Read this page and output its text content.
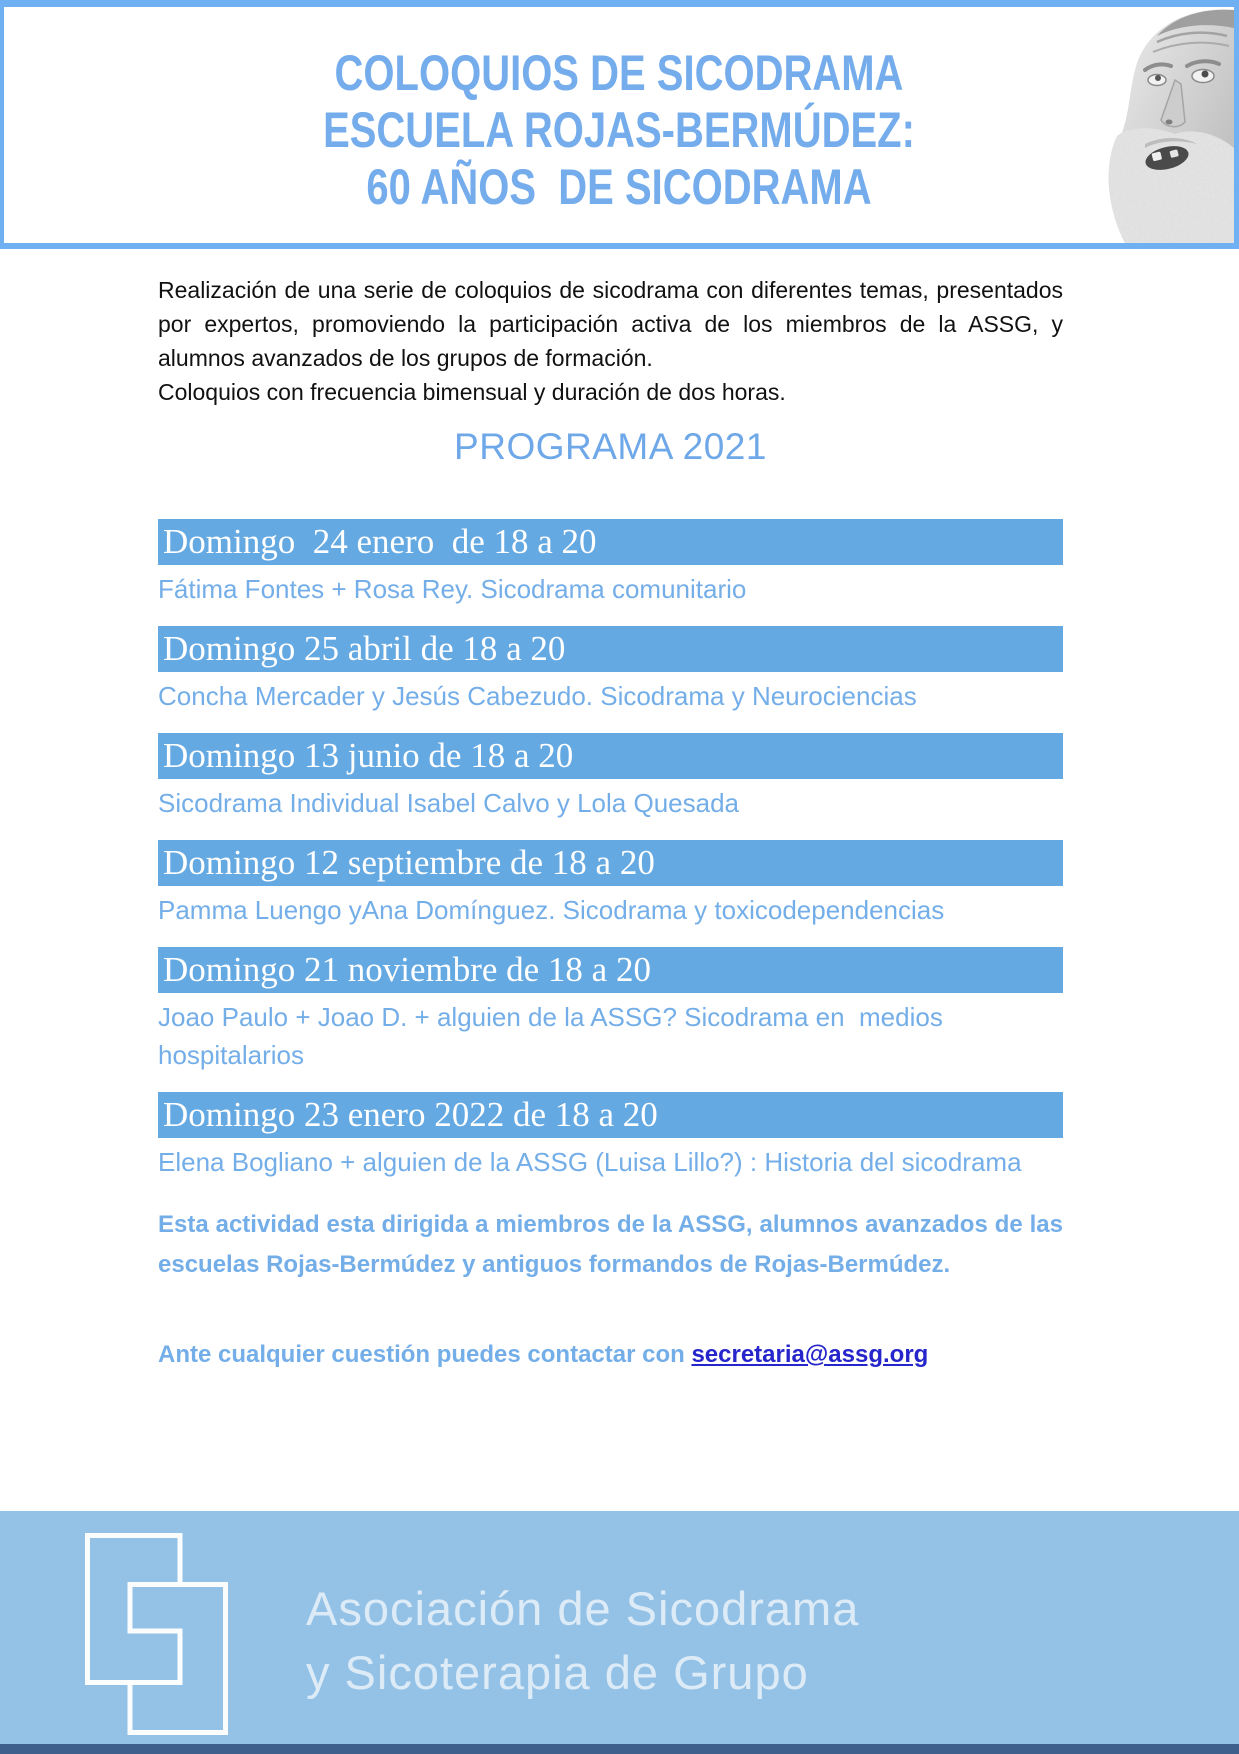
COLOQUIOS DE SICODRAMA
ESCUELA ROJAS-BERMÚDEZ:
60 AÑOS  DE SICODRAMA
Realización de una serie de coloquios de sicodrama con diferentes temas, presentados por expertos, promoviendo la participación activa de los miembros de la ASSG, y alumnos avanzados de los grupos de formación.
Coloquios con frecuencia bimensual y duración de dos horas.
PROGRAMA 2021
Domingo  24 enero  de 18 a 20
Fátima Fontes + Rosa Rey. Sicodrama comunitario
Domingo 25 abril de 18 a 20
Concha Mercader y Jesús Cabezudo. Sicodrama y Neurociencias
Domingo 13 junio de 18 a 20
Sicodrama Individual Isabel Calvo y Lola Quesada
Domingo 12 septiembre de 18 a 20
Pamma Luengo yAna Domínguez. Sicodrama y toxicodependencias
Domingo 21 noviembre de 18 a 20
Joao Paulo + Joao D. + alguien de la ASSG? Sicodrama en  medios hospitalarios
Domingo 23 enero 2022 de 18 a 20
Elena Bogliano + alguien de la ASSG (Luisa Lillo?) : Historia del sicodrama
Esta actividad esta dirigida a miembros de la ASSG, alumnos avanzados de las escuelas Rojas-Bermúdez y antiguos formandos de Rojas-Bermúdez.
Ante cualquier cuestión puedes contactar con secretaria@assg.org
Asociación de Sicodrama
y Sicoterapia de Grupo
